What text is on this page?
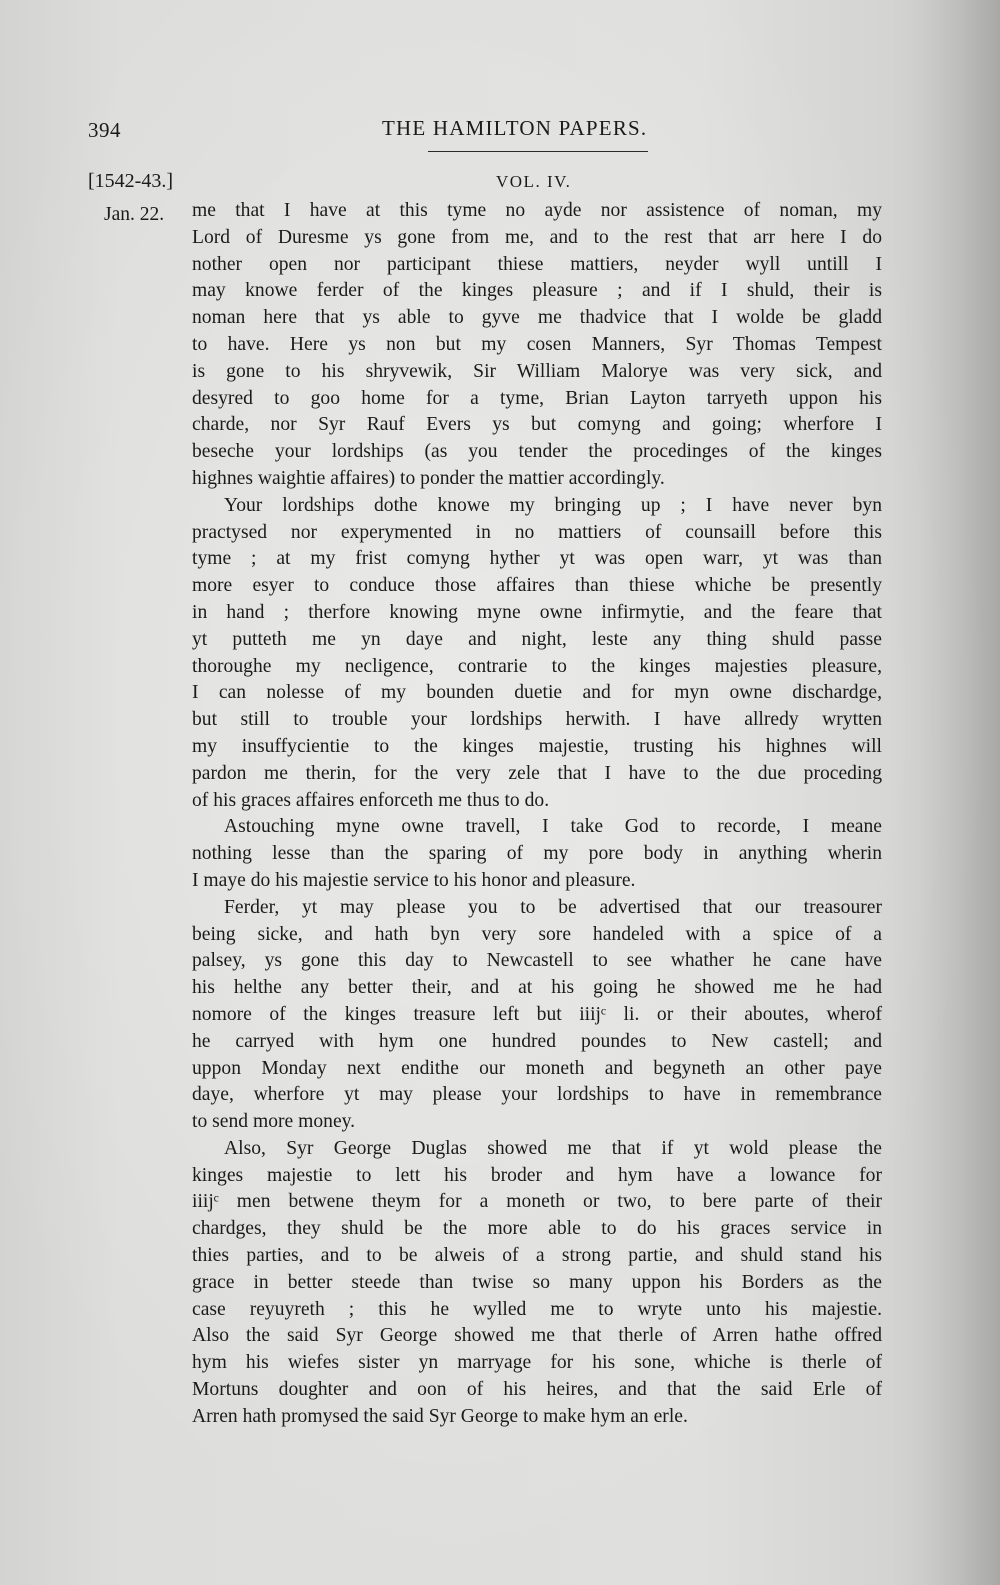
394	THE HAMILTON PAPERS.
[1542-43.]	VOL. IV.
Jan. 22. me that I have at this tyme no ayde nor assistence of noman, my
Lord of Duresme ys gone from me, and to the rest that arr here I do
nother open nor participant thiese mattiers, neyder wyll untill I
may knowe ferder of the kinges pleasure ; and if I shuld, their is
noman here that ys able to gyve me thadvice that I wolde be gladd
to have. Here ys non but my cosen Manners, Syr Thomas Tempest
is gone to his shryvewik, Sir William Malorye was very sick, and
desyred to goo home for a tyme, Brian Layton tarryeth uppon his
charde, nor Syr Rauf Evers ys but comyng and going; wherfore I
beseche your lordships (as you tender the procedinges of the kinges
highnes waightie affaires) to ponder the mattier accordingly.
Your lordships dothe knowe my bringing up ; I have never byn
practysed nor experymented in no mattiers of counsaill before this
tyme ; at my frist comyng hyther yt was open warr, yt was than
more esyer to conduce those affaires than thiese whiche be presently
in hand ; therfore knowing myne owne infirmytie, and the feare that
yt putteth me yn daye and night, leste any thing shuld passe
thoroughe my necligence, contrarie to the kinges majesties pleasure,
I can nolesse of my bounden duetie and for myn owne dischardge,
but still to trouble your lordships herwith. I have allredy wrytten
my insuffycientie to the kinges majestie, trusting his highnes will
pardon me therin, for the very zele that I have to the due proceding
of his graces affaires enforceth me thus to do.
Astouching myne owne travell, I take God to recorde, I meane
nothing lesse than the sparing of my pore body in anything wherin
I maye do his majestie service to his honor and pleasure.
Ferder, yt may please you to be advertised that our treasourer
being sicke, and hath byn very sore handeled with a spice of a
palsey, ys gone this day to Newcastell to see whather he cane have
his helthe any better their, and at his going he showed me he had
nomore of the kinges treasure left but iiijᶜ li. or their aboutes, wherof
he carryed with hym one hundred poundes to New castell; and
uppon Monday next endithe our moneth and begyneth an other paye
daye, wherfore yt may please your lordships to have in remembrance
to send more money.
Also, Syr George Duglas showed me that if yt wold please the
kinges majestie to lett his broder and hym have a lowance for
iiijᶜ men betwene theym for a moneth or two, to bere parte of their
chardges, they shuld be the more able to do his graces service in
thies parties, and to be alweis of a strong partie, and shuld stand his
grace in better steede than twise so many uppon his Borders as the
case reyuyreth ; this he wylled me to wryte unto his majestie.
Also the said Syr George showed me that therle of Arren hathe offred
hym his wiefes sister yn marryage for his sone, whiche is therle of
Mortuns doughter and oon of his heires, and that the said Erle of
Arren hath promysed the said Syr George to make hym an erle.
